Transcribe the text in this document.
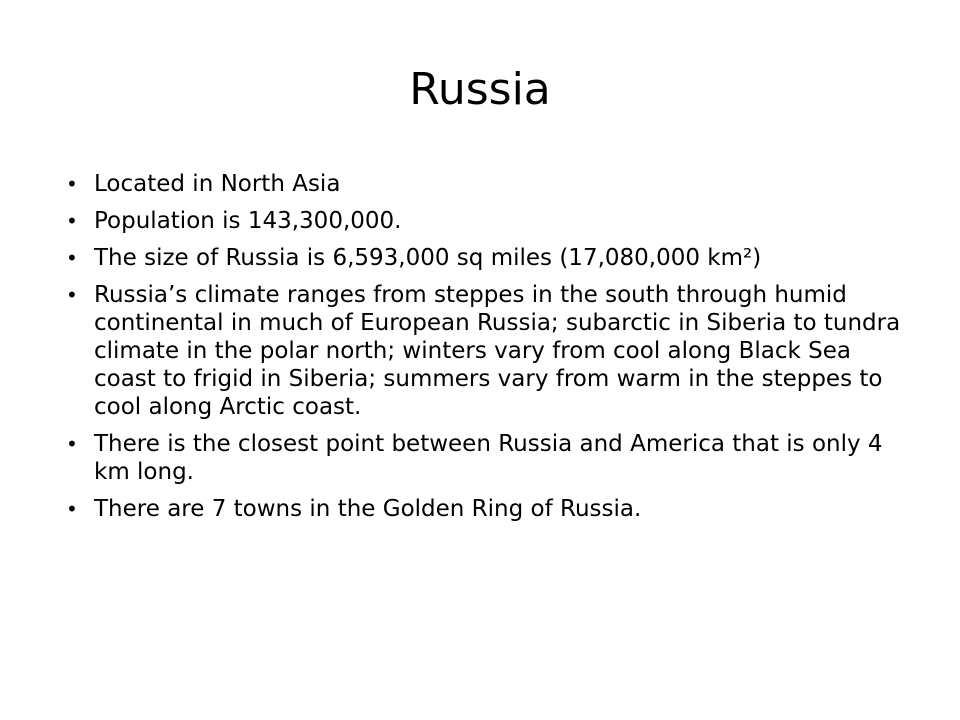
Russia
• Located in North Asia
• Population is 143,300,000.
• The size of Russia is 6,593,000 sq miles (17,080,000 km²)
• Russia’s climate ranges from steppes in the south through humid continental in much of European Russia; subarctic in Siberia to tundra climate in the polar north; winters vary from cool along Black Sea coast to frigid in Siberia; summers vary from warm in the steppes to cool along Arctic coast.
• There is the closest point between Russia and America that is only 4 km long.
• There are 7 towns in the Golden Ring of Russia.
